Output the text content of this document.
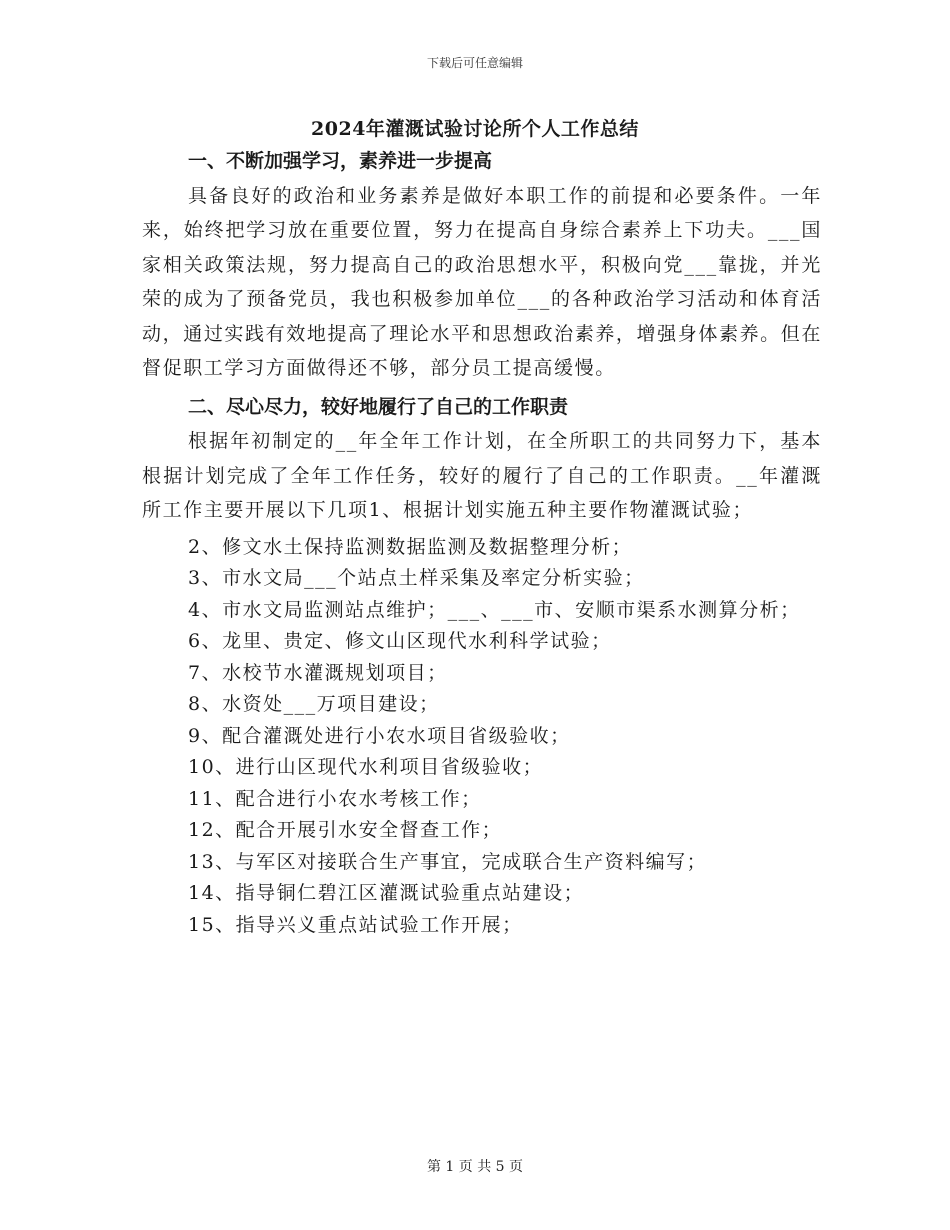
下载后可任意编辑
2024年灌溉试验讨论所个人工作总结
一、不断加强学习，素养进一步提高
具备良好的政治和业务素养是做好本职工作的前提和必要条件。一年来，始终把学习放在重要位置，努力在提高自身综合素养上下功夫。___国家相关政策法规，努力提高自己的政治思想水平，积极向党___靠拢，并光荣的成为了预备党员，我也积极参加单位___的各种政治学习活动和体育活动，通过实践有效地提高了理论水平和思想政治素养，增强身体素养。但在督促职工学习方面做得还不够，部分员工提高缓慢。
二、尽心尽力，较好地履行了自己的工作职责
根据年初制定的__年全年工作计划，在全所职工的共同努力下，基本根据计划完成了全年工作任务，较好的履行了自己的工作职责。__年灌溉所工作主要开展以下几项1、根据计划实施五种主要作物灌溉试验；
2、修文水土保持监测数据监测及数据整理分析；
3、市水文局___个站点土样采集及率定分析实验；
4、市水文局监测站点维护；___、___市、安顺市渠系水测算分析；
6、龙里、贵定、修文山区现代水利科学试验；
7、水校节水灌溉规划项目；
8、水资处___万项目建设；
9、配合灌溉处进行小农水项目省级验收；
10、进行山区现代水利项目省级验收；
11、配合进行小农水考核工作；
12、配合开展引水安全督查工作；
13、与军区对接联合生产事宜，完成联合生产资料编写；
14、指导铜仁碧江区灌溉试验重点站建设；
15、指导兴义重点站试验工作开展；
第 1 页 共 5 页
